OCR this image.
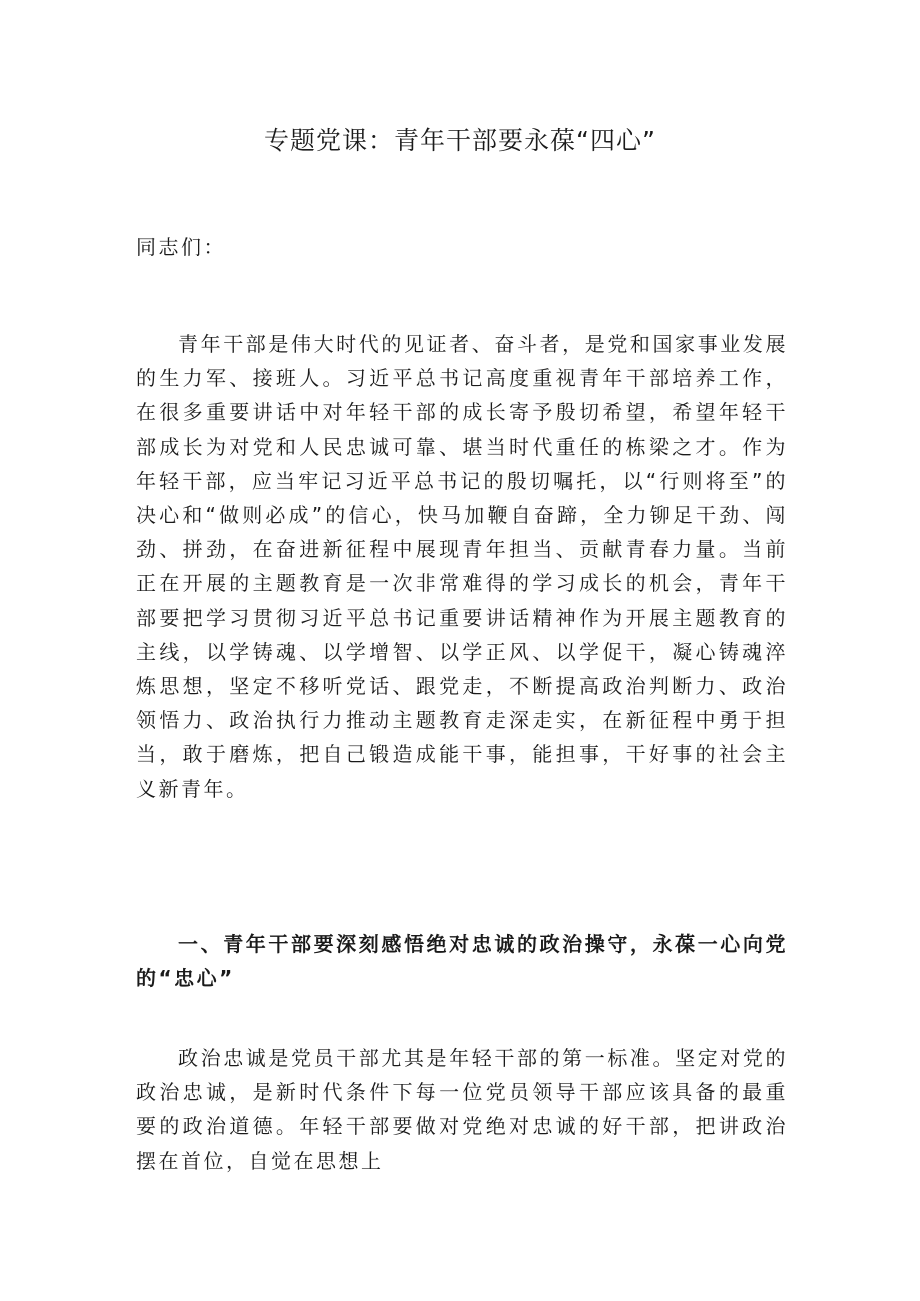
专题党课：青年干部要永葆“四心”

同志们：

青年干部是伟大时代的见证者、奋斗者，是党和国家事业发展的生力军、接班人。习近平总书记高度重视青年干部培养工作，在很多重要讲话中对年轻干部的成长寄予殷切希望，希望年轻干部成长为对党和人民忠诚可靠、堪当时代重任的栋梁之才。作为年轻干部，应当牢记习近平总书记的殷切嘱托，以“行则将至”的决心和“做则必成”的信心，快马加鞭自奋蹄，全力铆足干劲、闯劲、拼劲，在奋进新征程中展现青年担当、贡献青春力量。当前正在开展的主题教育是一次非常难得的学习成长的机会，青年干部要把学习贯彻习近平总书记重要讲话精神作为开展主题教育的主线，以学铸魂、以学增智、以学正风、以学促干，凝心铸魂淬炼思想，坚定不移听党话、跟党走，不断提高政治判断力、政治领悟力、政治执行力推动主题教育走深走实，在新征程中勇于担当，敢于磨炼，把自己锻造成能干事，能担事，干好事的社会主义新青年。

一、青年干部要深刻感悟绝对忠诚的政治操守，永葆一心向党的“忠心”

政治忠诚是党员干部尤其是年轻干部的第一标准。坚定对党的政治忠诚，是新时代条件下每一位党员领导干部应该具备的最重要的政治道德。年轻干部要做对党绝对忠诚的好干部，把讲政治摆在首位，自觉在思想上
